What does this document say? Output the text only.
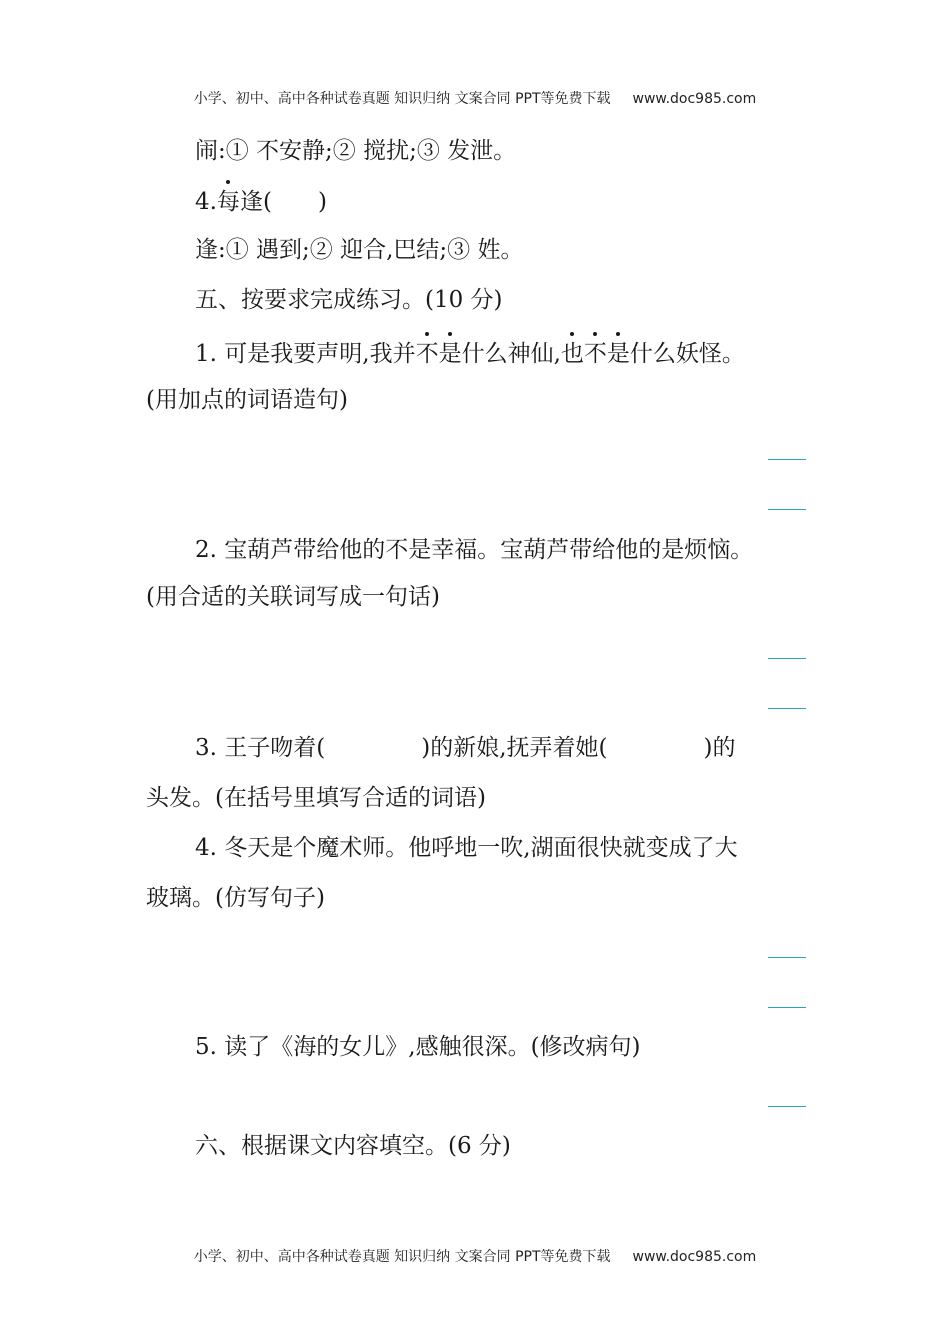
小学、初中、高中各种试卷真题 知识归纳 文案合同 PPT等免费下载 www.doc985.com
闹:① 不安静;② 搅扰;③ 发泄。
4.每逢( )
逢:① 遇到;② 迎合,巴结;③ 姓。
五、按要求完成练习。(10 分)
1. 可是我要声明,我并不是什么神仙,也不是什么妖怪。
(用加点的词语造句)
2. 宝葫芦带给他的不是幸福。宝葫芦带给他的是烦恼。
(用合适的关联词写成一句话)
3. 王子吻着(	)的新娘,抚弄着她(	)的
头发。(在括号里填写合适的词语)
4. 冬天是个魔术师。他呼地一吹,湖面很快就变成了大
玻璃。(仿写句子)
5. 读了《海的女儿》,感触很深。(修改病句)
六、根据课文内容填空。(6 分)
小学、初中、高中各种试卷真题 知识归纳 文案合同 PPT等免费下载 www.doc985.com
